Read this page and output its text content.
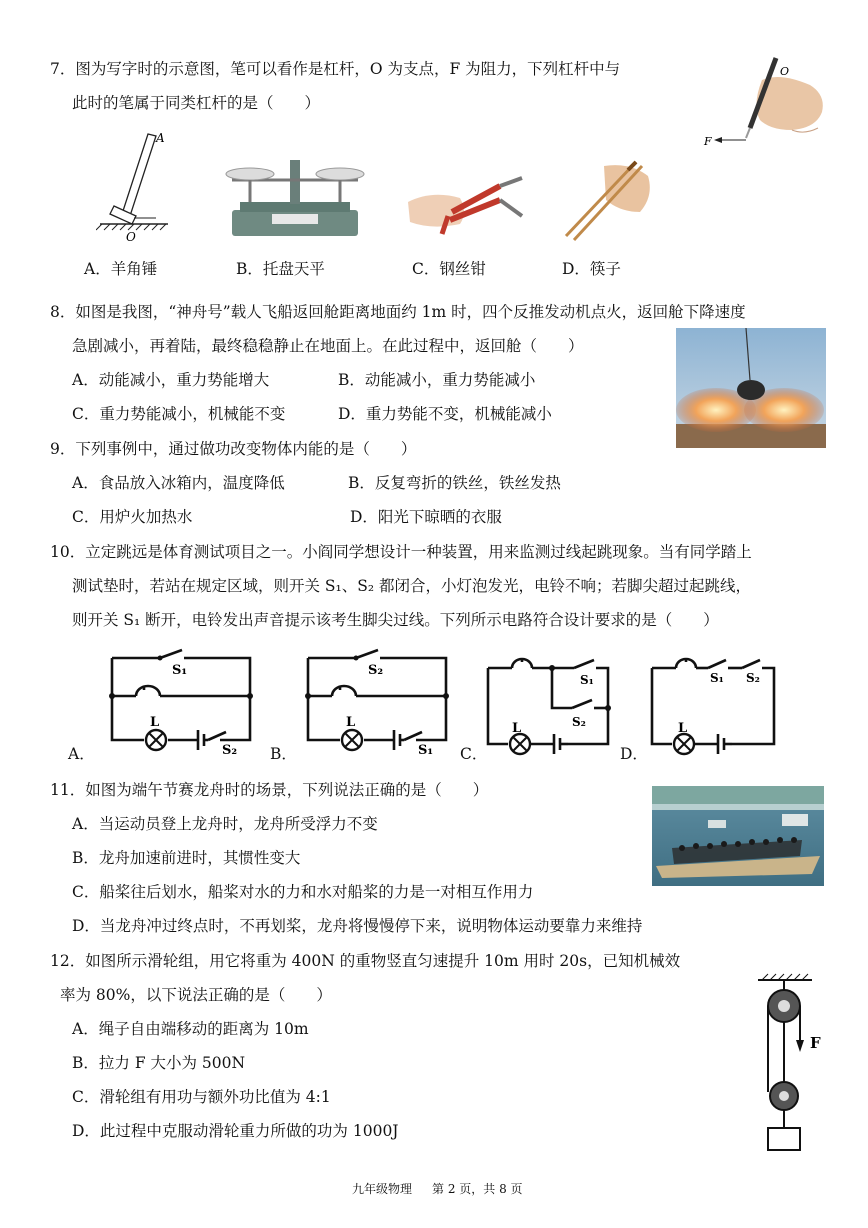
7．图为写字时的示意图，笔可以看作是杠杆，O 为支点，F 为阻力，下列杠杆中与
此时的笔属于同类杠杆的是（　　）
O
F
A
O
A．羊角锤	B．托盘天平	C．钢丝钳	D．筷子
8．如图是我图，“神舟号”载人飞船返回舱距离地面约 1m 时，四个反推发动机点火，返回舱下降速度
急剧减小，再着陆，最终稳稳静止在地面上。在此过程中，返回舱（　　）
A．动能减小，重力势能增大	B．动能减小，重力势能减小
C．重力势能减小，机械能不变	D．重力势能不变，机械能减小
9．下列事例中，通过做功改变物体内能的是（　　）
A．食品放入冰箱内，温度降低	B．反复弯折的铁丝，铁丝发热
C．用炉火加热水	D．阳光下晾晒的衣服
10．立定跳远是体育测试项目之一。小阎同学想设计一种装置，用来监测过线起跳现象。当有同学踏上
测试垫时，若站在规定区域，则开关 S₁、S₂ 都闭合，小灯泡发光，电铃不响；若脚尖超过起跳线，
则开关 S₁ 断开，电铃发出声音提示该考生脚尖过线。下列所示电路符合设计要求的是（　　）
S₁
L
S₂
A．
S₂
L
S₁
B．
S₁
S₂
L
C．
S₁ S₂
L
D．
11．如图为端午节赛龙舟时的场景，下列说法正确的是（　　）
A．当运动员登上龙舟时，龙舟所受浮力不变
B．龙舟加速前进时，其惯性变大
C．船桨往后划水，船桨对水的力和水对船桨的力是一对相互作用力
D．当龙舟冲过终点时，不再划桨，龙舟将慢慢停下来，说明物体运动要靠力来维持
12．如图所示滑轮组，用它将重为 400N 的重物竖直匀速提升 10m 用时 20s，已知机械效
率为 80%，以下说法正确的是（　　）
A．绳子自由端移动的距离为 10m
B．拉力 F 大小为 500N
C．滑轮组有用功与额外功比值为 4:1
D．此过程中克服动滑轮重力所做的功为 1000J
F
九年级物理 第 2 页，共 8 页
